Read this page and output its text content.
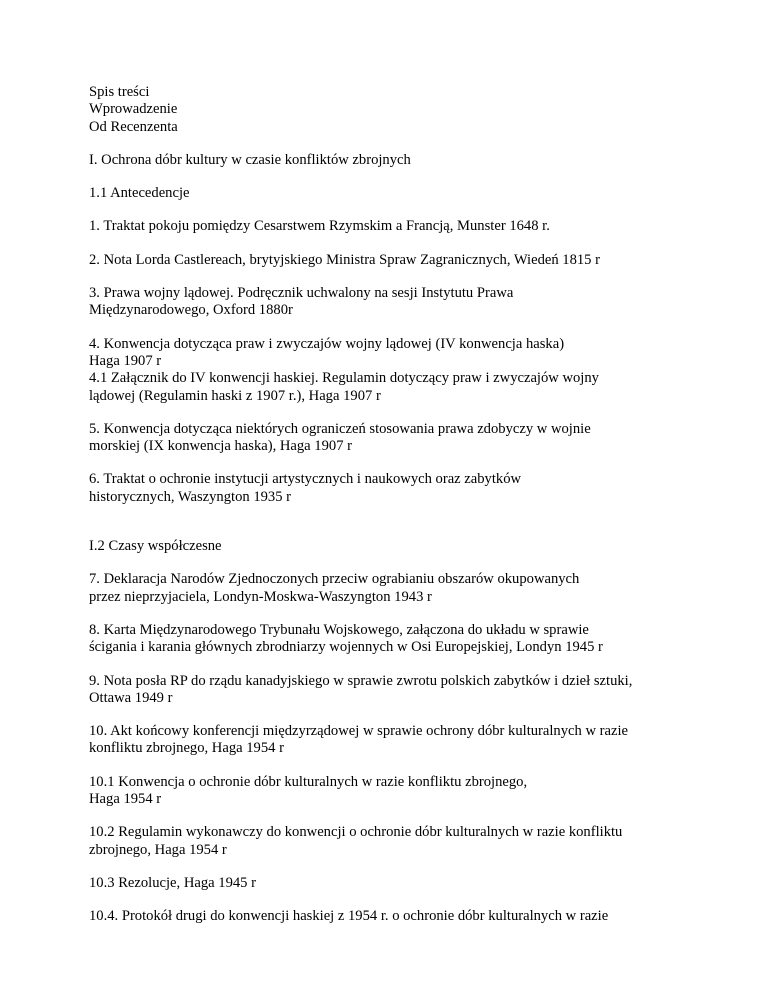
Spis treści
Wprowadzenie
Od Recenzenta
I. Ochrona dóbr kultury w czasie konfliktów zbrojnych
1.1 Antecedencje
1. Traktat pokoju pomiędzy Cesarstwem Rzymskim a Francją, Munster 1648 r.
2. Nota Lorda Castlereach, brytyjskiego Ministra Spraw Zagranicznych, Wiedeń 1815 r
3. Prawa wojny lądowej. Podręcznik uchwalony na sesji Instytutu Prawa
Międzynarodowego, Oxford 1880r
4. Konwencja dotycząca praw i zwyczajów wojny lądowej (IV konwencja haska)
Haga 1907 r
4.1 Załącznik do IV konwencji haskiej. Regulamin dotyczący praw i zwyczajów wojny
lądowej (Regulamin haski z 1907 r.), Haga 1907 r
5. Konwencja dotycząca niektórych ograniczeń stosowania prawa zdobyczy w wojnie
morskiej (IX konwencja haska), Haga 1907 r
6. Traktat o ochronie instytucji artystycznych i naukowych oraz zabytków
historycznych, Waszyngton 1935 r
I.2 Czasy współczesne
7. Deklaracja Narodów Zjednoczonych przeciw ograbianiu obszarów okupowanych
przez nieprzyjaciela, Londyn-Moskwa-Waszyngton 1943 r
8. Karta Międzynarodowego Trybunału Wojskowego, załączona do układu w sprawie
ścigania i karania głównych zbrodniarzy wojennych w Osi Europejskiej, Londyn 1945 r
9. Nota posła RP do rządu kanadyjskiego w sprawie zwrotu polskich zabytków i dzieł sztuki,
Ottawa 1949 r
10. Akt końcowy konferencji międzyrządowej w sprawie ochrony dóbr kulturalnych w razie
konfliktu zbrojnego, Haga 1954 r
10.1 Konwencja o ochronie dóbr kulturalnych w razie konfliktu zbrojnego,
Haga 1954 r
10.2 Regulamin wykonawczy do konwencji o ochronie dóbr kulturalnych w razie konfliktu
zbrojnego, Haga 1954 r
10.3 Rezolucje, Haga 1945 r
10.4. Protokół drugi do konwencji haskiej z 1954 r. o ochronie dóbr kulturalnych w razie
